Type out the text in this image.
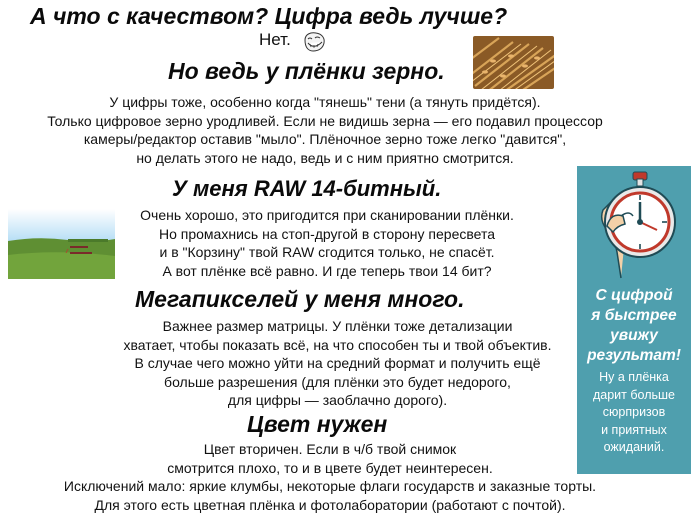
А что с качеством? Цифра ведь лучше?
Нет.
Но ведь у плёнки зерно.
У цифры тоже, особенно когда "тянешь" тени (а тянуть придётся).
Только цифровое зерно уродливей. Если не видишь зерна — его подавил процессор
камеры/редактор оставив "мыло". Плёночное зерно тоже легко "давится",
но делать этого не надо, ведь и с ним приятно смотрится.
У меня RAW 14-битный.
Очень хорошо, это пригодится при сканировании плёнки.
Но промахнись на стоп-другой в сторону пересвета
и в "Корзину" твой RAW сгодится только, не спасёт.
А вот плёнке всё равно. И где теперь твои 14 бит?
Мегапикселей у меня много.
Важнее размер матрицы. У плёнки тоже детализации
хватает, чтобы показать всё, на что способен ты и твой объектив.
В случае чего можно уйти на средний формат и получить ещё
больше разрешения (для плёнки это будет недорого,
для цифры — заоблачно дорого).
Цвет нужен
Цвет вторичен. Если в ч/б твой снимок
смотрится плохо, то и в цвете будет неинтересен.
Исключений мало: яркие клумбы, некоторые флаги государств и заказные торты.
Для этого есть цветная плёнка и фотолаборатории (работают с почтой).
С цифрой
я быстрее
увижу
результат!
Ну а плёнка
дарит больше
сюрпризов
и приятных
ожиданий.
